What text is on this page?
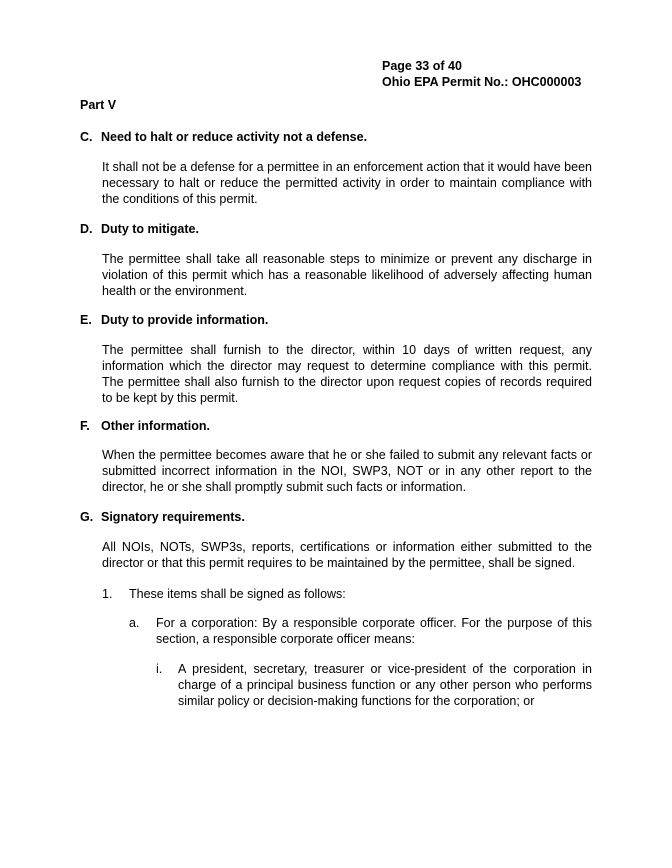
Page 33 of 40
Ohio EPA Permit No.: OHC000003
Part V
C. Need to halt or reduce activity not a defense.
It shall not be a defense for a permittee in an enforcement action that it would have been necessary to halt or reduce the permitted activity in order to maintain compliance with the conditions of this permit.
D. Duty to mitigate.
The permittee shall take all reasonable steps to minimize or prevent any discharge in violation of this permit which has a reasonable likelihood of adversely affecting human health or the environment.
E. Duty to provide information.
The permittee shall furnish to the director, within 10 days of written request, any information which the director may request to determine compliance with this permit. The permittee shall also furnish to the director upon request copies of records required to be kept by this permit.
F. Other information.
When the permittee becomes aware that he or she failed to submit any relevant facts or submitted incorrect information in the NOI, SWP3, NOT or in any other report to the director, he or she shall promptly submit such facts or information.
G. Signatory requirements.
All NOIs, NOTs, SWP3s, reports, certifications or information either submitted to the director or that this permit requires to be maintained by the permittee, shall be signed.
1. These items shall be signed as follows:
a. For a corporation: By a responsible corporate officer. For the purpose of this section, a responsible corporate officer means:
i. A president, secretary, treasurer or vice-president of the corporation in charge of a principal business function or any other person who performs similar policy or decision-making functions for the corporation; or
